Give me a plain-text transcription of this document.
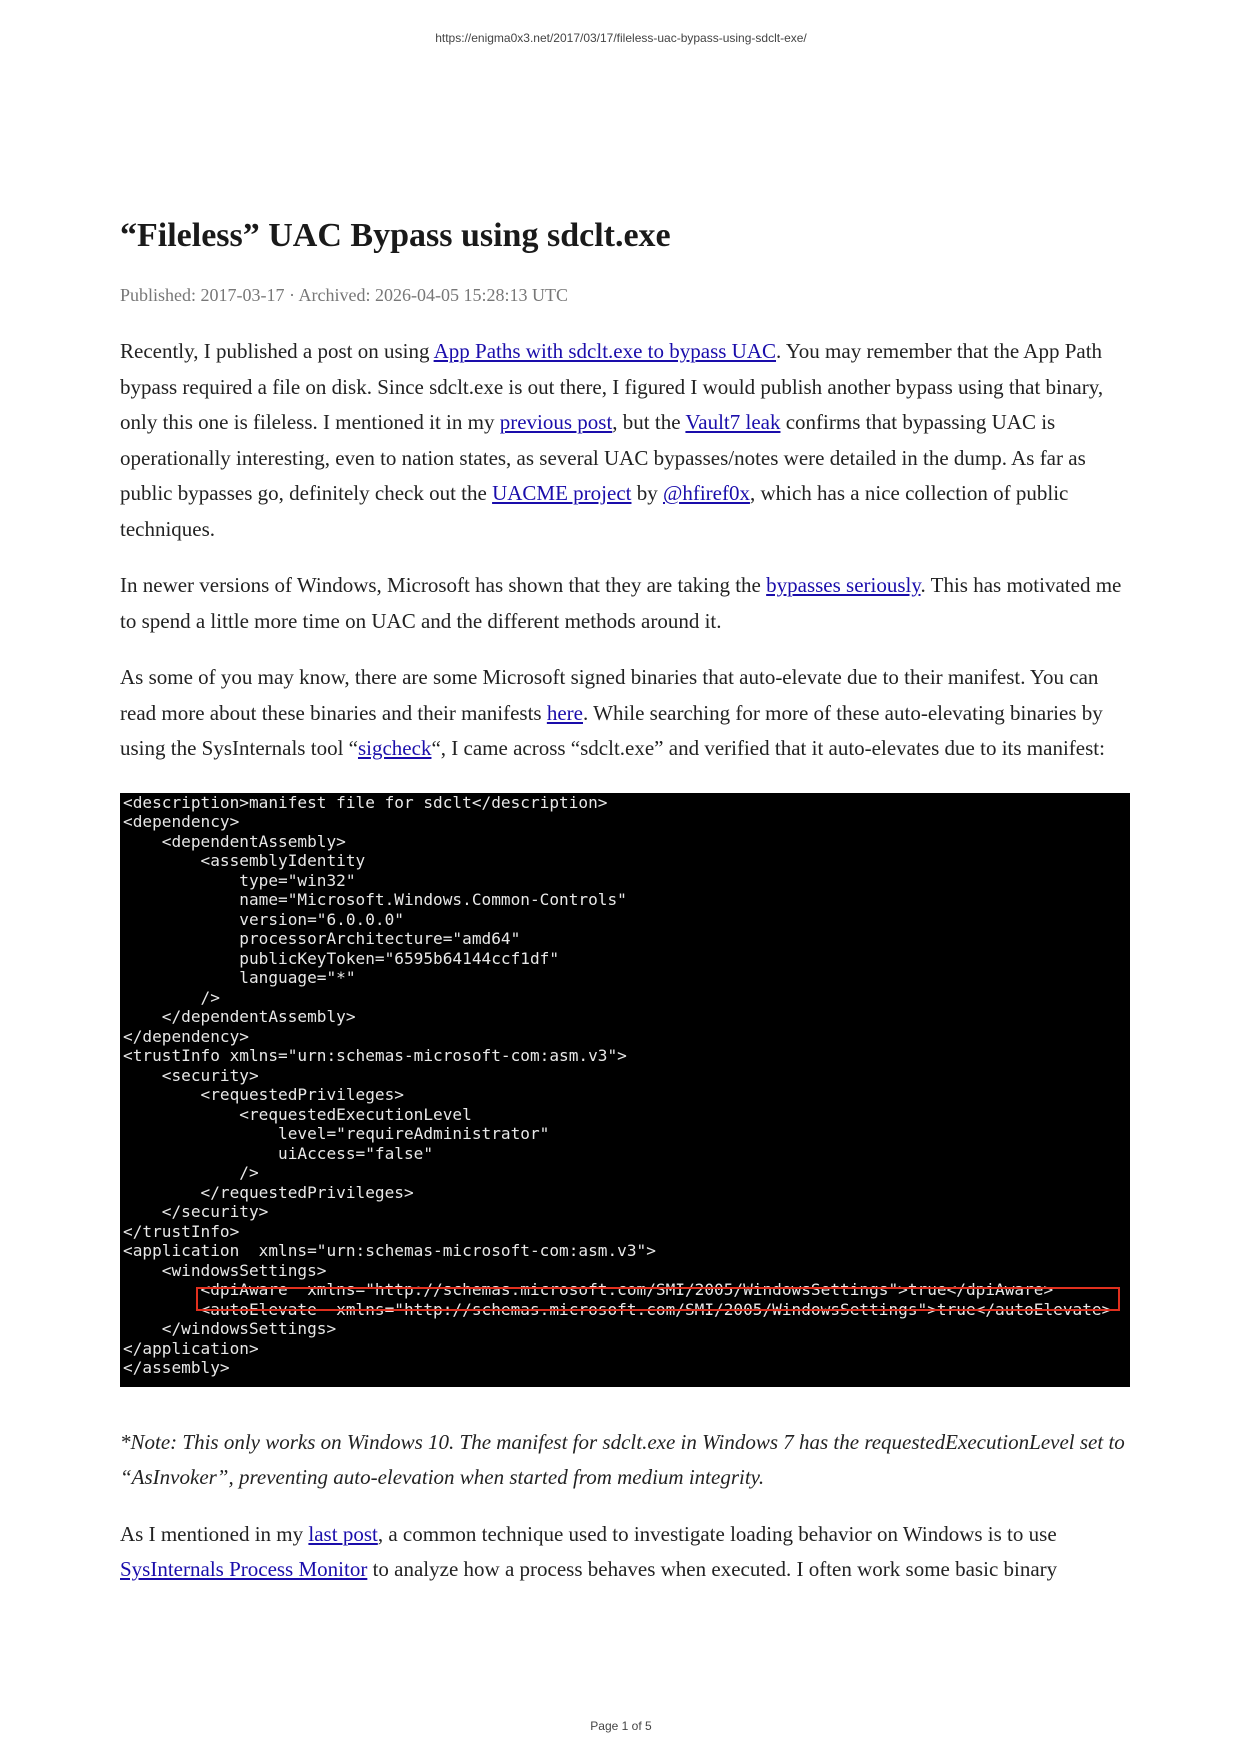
https://enigma0x3.net/2017/03/17/fileless-uac-bypass-using-sdclt-exe/
“Fileless” UAC Bypass using sdclt.exe
Published: 2017-03-17 · Archived: 2026-04-05 15:28:13 UTC

Recently, I published a post on using App Paths with sdclt.exe to bypass UAC. You may remember that the App Path bypass required a file on disk. Since sdclt.exe is out there, I figured I would publish another bypass using that binary, only this one is fileless. I mentioned it in my previous post, but the Vault7 leak confirms that bypassing UAC is operationally interesting, even to nation states, as several UAC bypasses/notes were detailed in the dump. As far as public bypasses go, definitely check out the UACME project by @hfiref0x, which has a nice collection of public techniques.

In newer versions of Windows, Microsoft has shown that they are taking the bypasses seriously. This has motivated me to spend a little more time on UAC and the different methods around it.

As some of you may know, there are some Microsoft signed binaries that auto-elevate due to their manifest. You can read more about these binaries and their manifests here. While searching for more of these auto-elevating binaries by using the SysInternals tool “sigcheck“, I came across “sdclt.exe” and verified that it auto-elevates due to its manifest:

<description>manifest file for sdclt</description>
<dependency>
<dependentAssembly>
<assemblyIdentity
type="win32"
name="Microsoft.Windows.Common-Controls"
version="6.0.0.0"
processorArchitecture="amd64"
publicKeyToken="6595b64144ccf1df"
language="*"
/>
</dependentAssembly>
</dependency>
<trustInfo xmlns="urn:schemas-microsoft-com:asm.v3">
<security>
<requestedPrivileges>
<requestedExecutionLevel
level="requireAdministrator"
uiAccess="false"
/>
</requestedPrivileges>
</security>
</trustInfo>
<application  xmlns="urn:schemas-microsoft-com:asm.v3">
<windowsSettings>
<dpiAware  xmlns="http://schemas.microsoft.com/SMI/2005/WindowsSettings">true</dpiAware>
<autoElevate  xmlns="http://schemas.microsoft.com/SMI/2005/WindowsSettings">true</autoElevate>
</windowsSettings>
</application>
</assembly>

*Note: This only works on Windows 10. The manifest for sdclt.exe in Windows 7 has the requestedExecutionLevel set to “AsInvoker”, preventing auto-elevation when started from medium integrity.

As I mentioned in my last post, a common technique used to investigate loading behavior on Windows is to use SysInternals Process Monitor to analyze how a process behaves when executed. I often work some basic binary

Page 1 of 5
